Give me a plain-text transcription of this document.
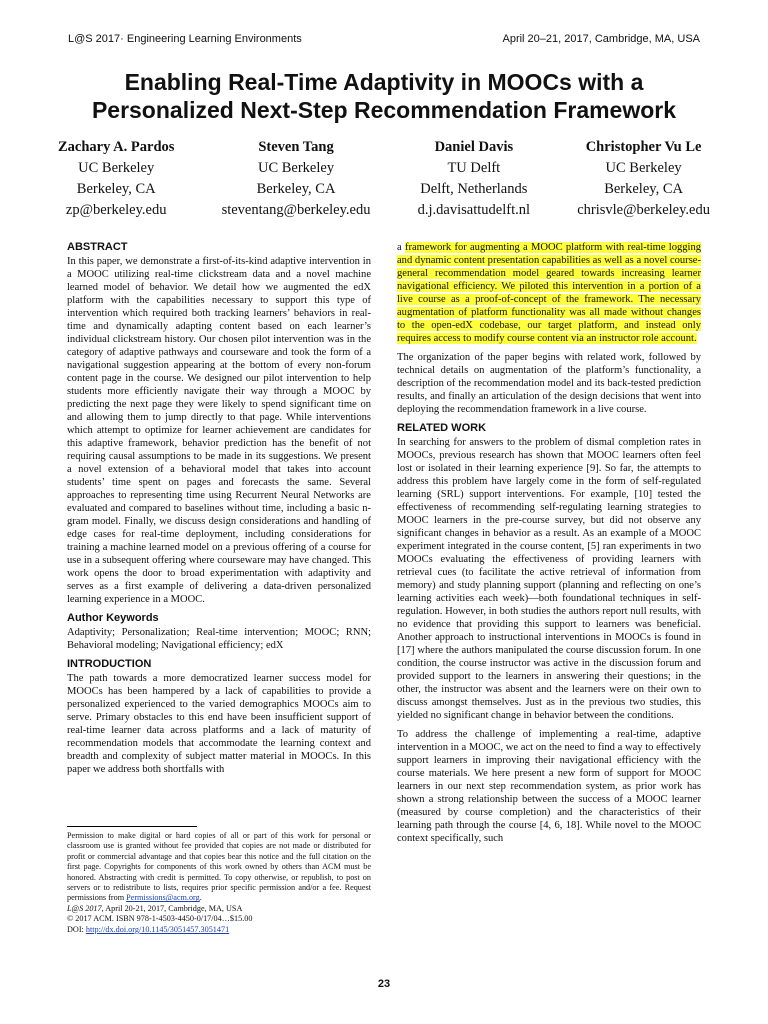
L@S 2017· Engineering Learning Environments	April 20–21, 2017, Cambridge, MA, USA
Enabling Real-Time Adaptivity in MOOCs with a
Personalized Next-Step Recommendation Framework
Zachary A. Pardos
UC Berkeley
Berkeley, CA
zp@berkeley.edu
Steven Tang
UC Berkeley
Berkeley, CA
steventang@berkeley.edu
Daniel Davis
TU Delft
Delft, Netherlands
d.j.davisattudelft.nl
Christopher Vu Le
UC Berkeley
Berkeley, CA
chrisvle@berkeley.edu
ABSTRACT

In this paper, we demonstrate a first-of-its-kind adaptive intervention in a MOOC utilizing real-time clickstream data and a novel machine learned model of behavior. We detail how we augmented the edX platform with the capabilities necessary to support this type of intervention which required both tracking learners’ behaviors in real-time and dynamically adapting content based on each learner’s individual clickstream history. Our chosen pilot intervention was in the category of adaptive pathways and courseware and took the form of a navigational suggestion appearing at the bottom of every non-forum content page in the course. We designed our pilot intervention to help students more efficiently navigate their way through a MOOC by predicting the next page they were likely to spend significant time on and allowing them to jump directly to that page. While interventions which attempt to optimize for learner achievement are candidates for this adaptive framework, behavior prediction has the benefit of not requiring causal assumptions to be made in its suggestions. We present a novel extension of a behavioral model that takes into account students’ time spent on pages and forecasts the same. Several approaches to representing time using Recurrent Neural Networks are evaluated and compared to baselines without time, including a basic n-gram model. Finally, we discuss design considerations and handling of edge cases for real-time deployment, including considerations for training a machine learned model on a previous offering of a course for use in a subsequent offering where courseware may have changed. This work opens the door to broad experimentation with adaptivity and serves as a first example of delivering a data-driven personalized learning experience in a MOOC.

Author Keywords

Adaptivity; Personalization; Real-time intervention; MOOC; RNN; Behavioral modeling; Navigational efficiency; edX

INTRODUCTION

The path towards a more democratized learner success model for MOOCs has been hampered by a lack of capabilities to provide a personalized experienced to the varied demographics MOOCs aim to serve. Primary obstacles to this end have been insufficient support of real-time learner data across platforms and a lack of maturity of recommendation models that accommodate the learning context and breadth and complexity of subject matter material in MOOCs. In this paper we address both shortfalls with

Permission to make digital or hard copies of all or part of this work for personal or classroom use is granted without fee provided that copies are not made or distributed for profit or commercial advantage and that copies bear this notice and the full citation on the first page. Copyrights for components of this work owned by others than ACM must be honored. Abstracting with credit is permitted. To copy otherwise, or republish, to post on servers or to redistribute to lists, requires prior specific permission and/or a fee. Request permissions from Permissions@acm.org.
L@S 2017, April 20-21, 2017, Cambridge, MA, USA
© 2017 ACM. ISBN 978-1-4503-4450-0/17/04…$15.00
DOI: http://dx.doi.org/10.1145/3051457.3051471

a framework for augmenting a MOOC platform with real-time logging and dynamic content presentation capabilities as well as a novel course-general recommendation model geared towards increasing learner navigational efficiency. We piloted this intervention in a portion of a live course as a proof-of-concept of the framework. The necessary augmentation of platform functionality was all made without changes to the open-edX codebase, our target platform, and instead only requires access to modify course content via an instructor role account.

The organization of the paper begins with related work, followed by technical details on augmentation of the platform’s functionality, a description of the recommendation model and its back-tested prediction results, and finally an articulation of the design decisions that went into deploying the recommendation framework in a live course.

RELATED WORK

In searching for answers to the problem of dismal completion rates in MOOCs, previous research has shown that MOOC learners often feel lost or isolated in their learning experience [9]. So far, the attempts to address this problem have largely come in the form of self-regulated learning (SRL) support interventions. For example, [10] tested the effectiveness of recommending self-regulating learning strategies to MOOC learners in the pre-course survey, but did not observe any significant changes in behavior as a result. As an example of a MOOC experiment integrated in the course content, [5] ran experiments in two MOOCs evaluating the effectiveness of providing learners with retrieval cues (to facilitate the active retrieval of information from memory) and study planning support (planning and reflecting on one’s learning activities each week)—both foundational techniques in self-regulation. However, in both studies the authors report null results, with no evidence that providing this support to learners was beneficial. Another approach to instructional interventions in MOOCs is found in [17] where the authors manipulated the course discussion forum. In one condition, the course instructor was active in the discussion forum and provided support to the learners in answering their questions; in the other, the instructor was absent and the learners were on their own to discuss amongst themselves. Just as in the previous two studies, this yielded no significant change in behavior between the conditions.

To address the challenge of implementing a real-time, adaptive intervention in a MOOC, we act on the need to find a way to effectively support learners in improving their navigational efficiency with the course materials. We here present a new form of support for MOOC learners in our next step recommendation system, as prior work has shown a strong relationship between the success of a MOOC learner (measured by course completion) and the characteristics of their learning path through the course [4, 6, 18]. While novel to the MOOC context specifically, such

23
